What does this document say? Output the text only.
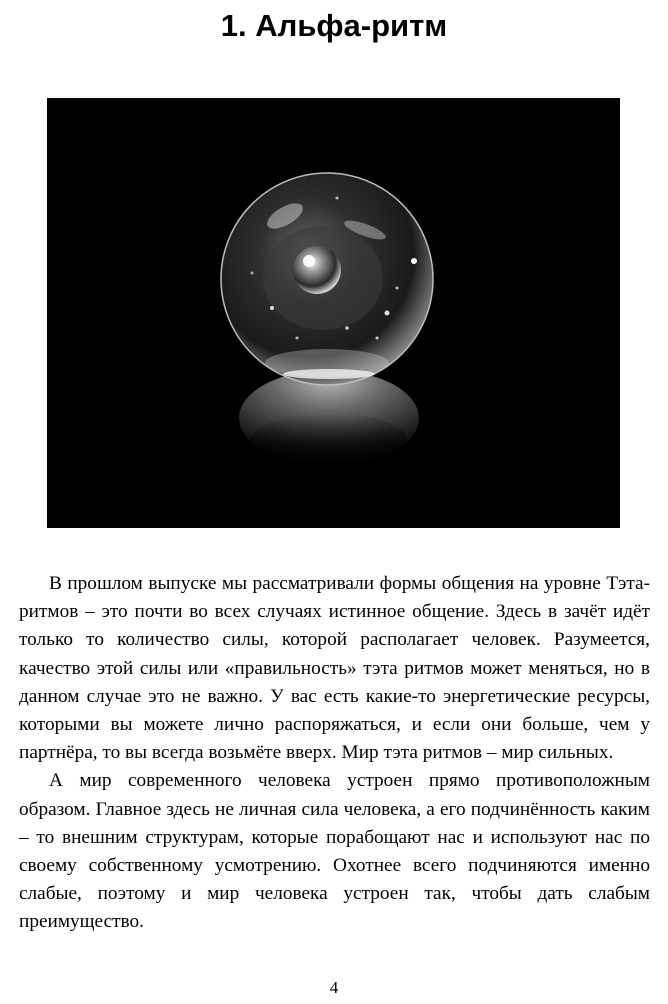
1. Альфа-ритм

В прошлом выпуске мы рассматривали формы общения на уровне Тэта-ритмов – это почти во всех случаях истинное общение. Здесь в зачёт идёт только то количество силы, которой располагает человек. Разумеется, качество этой силы или «правильность» тэта ритмов может меняться, но в данном случае это не важно. У вас есть какие-то энергетические ресурсы, которыми вы можете лично распоряжаться, и если они больше, чем у партнёра, то вы всегда возьмёте вверх. Мир тэта ритмов – мир сильных.

А мир современного человека устроен прямо противоположным образом. Главное здесь не личная сила человека, а его подчинённость каким – то внешним структурам, которые порабощают нас и используют нас по своему собственному усмотрению. Охотнее всего подчиняются именно слабые, поэтому и мир человека устроен так, чтобы дать слабым преимущество.

4
